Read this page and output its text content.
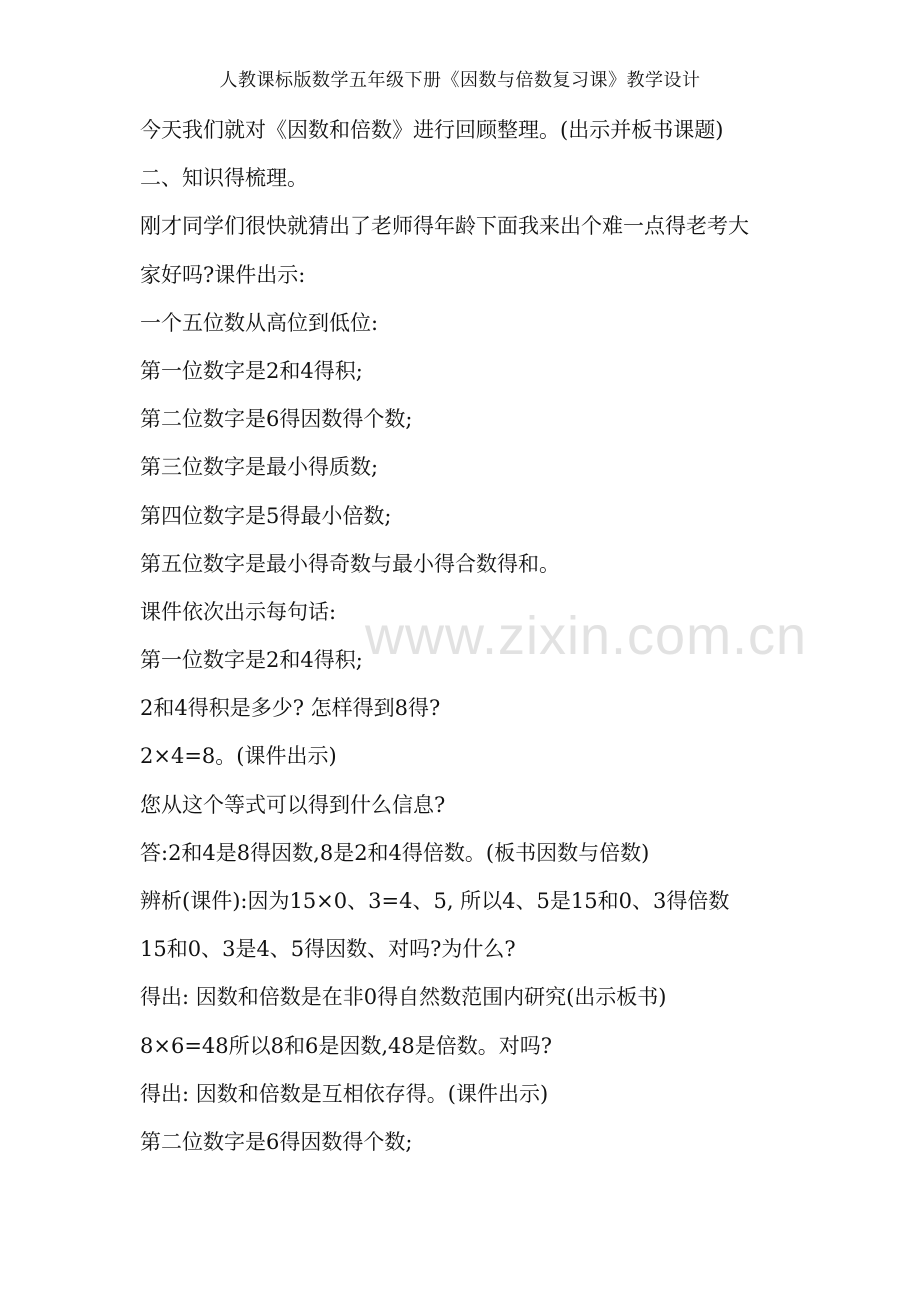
人教课标版数学五年级下册《因数与倍数复习课》教学设计
www.zixin.com.cn
今天我们就对《因数和倍数》进行回顾整理。(出示并板书课题)
二、知识得梳理。
刚才同学们很快就猜出了老师得年龄下面我来出个难一点得老考大
家好吗?课件出示:
一个五位数从高位到低位:
第一位数字是2和4得积;
第二位数字是6得因数得个数;
第三位数字是最小得质数;
第四位数字是5得最小倍数;
第五位数字是最小得奇数与最小得合数得和。
课件依次出示每句话:
第一位数字是2和4得积;
2和4得积是多少? 怎样得到8得?
2×4=8。(课件出示)
您从这个等式可以得到什么信息?
答:2和4是8得因数,8是2和4得倍数。(板书因数与倍数)
辨析(课件):因为15×0、3=4、5, 所以4、5是15和0、3得倍数
15和0、3是4、5得因数、对吗?为什么?
得出: 因数和倍数是在非0得自然数范围内研究(出示板书)
8×6=48所以8和6是因数,48是倍数。对吗?
得出: 因数和倍数是互相依存得。(课件出示)
第二位数字是6得因数得个数;
